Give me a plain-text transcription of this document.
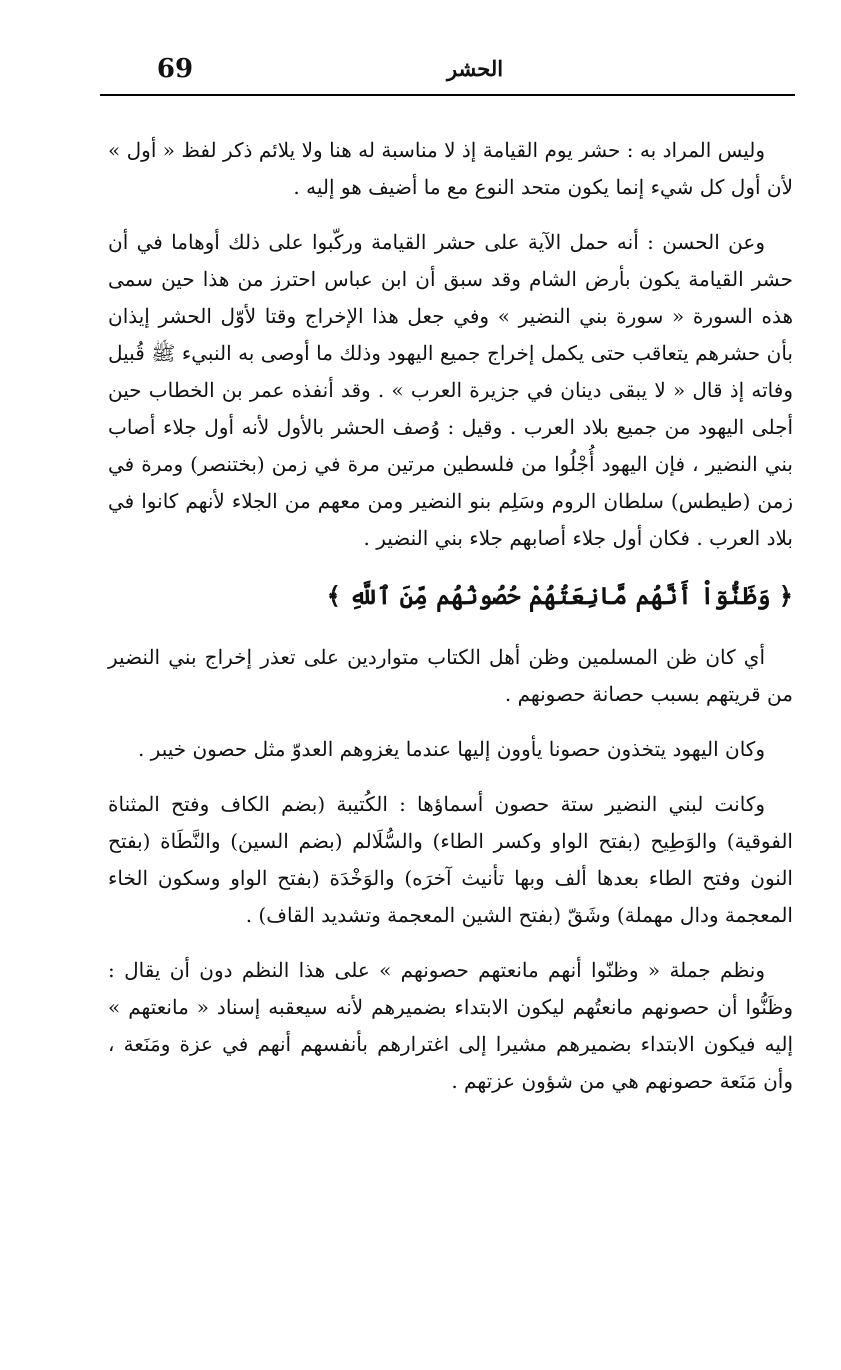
69	الحشر

وليس المراد به : حشر يوم القيامة إذ لا مناسبة له هنا ولا يلائم ذكر لفظ « أول » لأن أول كل شيء إنما يكون متحد النوع مع ما أضيف هو إليه .

وعن الحسن : أنه حمل الآية على حشر القيامة وركّبوا على ذلك أوهاما في أن حشر القيامة يكون بأرض الشام وقد سبق أن ابن عباس احترز من هذا حين سمى هذه السورة « سورة بني النضير » وفي جعل هذا الإخراج وقتا لأوّل الحشر إيذان بأن حشرهم يتعاقب حتى يكمل إخراج جميع اليهود وذلك ما أوصى به النبيء ﷺ قُبيل وفاته إذ قال « لا يبقى دينان في جزيرة العرب » . وقد أنفذه عمر بن الخطاب حين أجلى اليهود من جميع بلاد العرب . وقيل : وُصف الحشر بالأول لأنه أول جلاء أصاب بني النضير ، فإن اليهود أُجْلُوا من فلسطين مرتين مرة في زمن (بختنصر) ومرة في زمن (طيطس) سلطان الروم وسَلِم بنو النضير ومن معهم من الجلاء لأنهم كانوا في بلاد العرب . فكان أول جلاء أصابهم جلاء بني النضير .

﴿ وَظَنُّوٓاْ أَنَّهُم مَّانِعَتُهُمْ حُصُونُهُم مِّنَ ٱللَّهِ ﴾

أي كان ظن المسلمين وظن أهل الكتاب متواردين على تعذر إخراج بني النضير من قريتهم بسبب حصانة حصونهم .

وكان اليهود يتخذون حصونا يأوون إليها عندما يغزوهم العدوّ مثل حصون خيبر .

وكانت لبني النضير ستة حصون أسماؤها : الكُتيبة (بضم الكاف وفتح المثناة الفوقية) والوَطِيح (بفتح الواو وكسر الطاء) والسُّلَالم (بضم السين) والنَّطَاة (بفتح النون وفتح الطاء بعدها ألف وبها تأنيث آخرَه) والوَخْدَة (بفتح الواو وسكون الخاء المعجمة ودال مهملة) وشَقّ (بفتح الشين المعجمة وتشديد القاف) .

ونظم جملة « وظنّوا أنهم مانعتهم حصونهم » على هذا النظم دون أن يقال : وظَنُّوا أن حصونهم مانعتُهم ليكون الابتداء بضميرهم لأنه سيعقبه إسناد « مانعتهم » إليه فيكون الابتداء بضميرهم مشيرا إلى اغترارهم بأنفسهم أنهم في عزة ومَنَعة ، وأن مَنَعة حصونهم هي من شؤون عزتهم .
